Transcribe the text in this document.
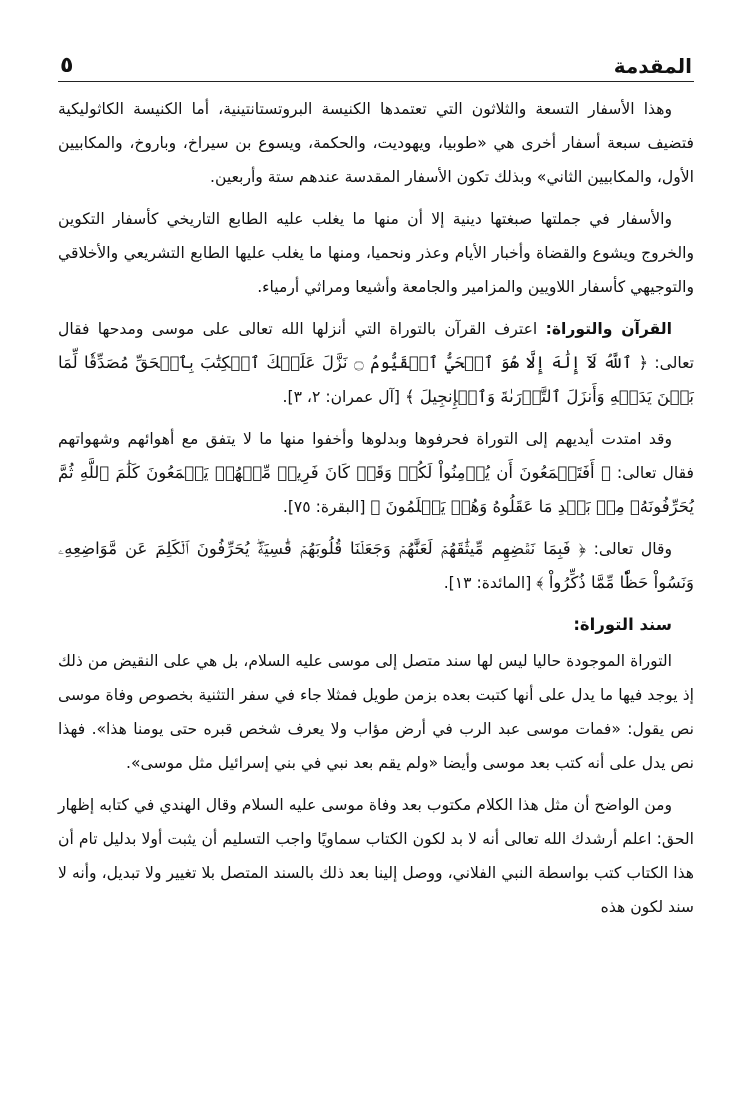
المقدمة
٥

وهذا الأسفار التسعة والثلاثون التي تعتمدها الكنيسة البروتستانتينية، أما الكنيسة الكاثوليكية فتضيف سبعة أسفار أخرى هي «طوبيا، ويهوديت، والحكمة، ويسوع بن سيراخ، وباروخ، والمكابيين الأول، والمكابيين الثاني» وبذلك تكون الأسفار المقدسة عندهم ستة وأربعين.

والأسفار في جملتها صبغتها دينية إلا أن منها ما يغلب عليه الطابع التاريخي كأسفار التكوين والخروج ويشوع والقضاة وأخبار الأيام وعذر ونحميا، ومنها ما يغلب عليها الطابع التشريعي والأخلاقي والتوجيهي كأسفار اللاويين والمزامير والجامعة وأشيعا ومراثي أرمياء.

القرآن والتوراة: اعترف القرآن بالتوراة التي أنزلها الله تعالى على موسى ومدحها فقال تعالى: ﴿ ٱللَّهُ لَآ إِلَٰهَ إِلَّا هُوَ ٱلۡحَيُّ ٱلۡقَيُّومُ ۝ نَزَّلَ عَلَيۡكَ ٱلۡكِتَٰبَ بِٱلۡحَقِّ مُصَدِّقٗا لِّمَا بَيۡنَ يَدَيۡهِ وَأَنزَلَ ٱلتَّوۡرَىٰةَ وَٱلۡإِنجِيلَ ﴾ [آل عمران: ٢، ٣].

وقد امتدت أيديهم إلى التوراة فحرفوها وبدلوها وأخفوا منها ما لا يتفق مع أهوائهم وشهواتهم فقال تعالى: ﴿ أَفَتَطۡمَعُونَ أَن يُؤۡمِنُواْ لَكُمۡ وَقَدۡ كَانَ فَرِيقٞ مِّنۡهُمۡ يَسۡمَعُونَ كَلَٰمَ ٱللَّهِ ثُمَّ يُحَرِّفُونَهُۥ مِنۢ بَعۡدِ مَا عَقَلُوهُ وَهُمۡ يَعۡلَمُونَ ﴾ [البقرة: ٧٥].

وقال تعالى: ﴿ فَبِمَا نَقۡضِهِم مِّيثَٰقَهُمۡ لَعَنَّٰهُمۡ وَجَعَلۡنَا قُلُوبَهُمۡ قَٰسِيَةٗۖ يُحَرِّفُونَ ٱلۡكَلِمَ عَن مَّوَاضِعِهِۦ وَنَسُواْ حَظّٗا مِّمَّا ذُكِّرُواْ ﴾ [المائدة: ١٣].

سند التوراة:

التوراة الموجودة حاليا ليس لها سند متصل إلى موسى عليه السلام، بل هي على النقيض من ذلك إذ يوجد فيها ما يدل على أنها كتبت بعده بزمن طويل فمثلا جاء في سفر التثنية بخصوص وفاة موسى نص يقول: «فمات موسى عبد الرب في أرض مؤاب ولا يعرف شخص قبره حتى يومنا هذا». فهذا نص يدل على أنه كتب بعد موسى وأيضا «ولم يقم بعد نبي في بني إسرائيل مثل موسى».

ومن الواضح أن مثل هذا الكلام مكتوب بعد وفاة موسى عليه السلام وقال الهندي في كتابه إظهار الحق: اعلم أرشدك الله تعالى أنه لا بد لكون الكتاب سماويًا واجب التسليم أن يثبت أولا بدليل تام أن هذا الكتاب كتب بواسطة النبي الفلاني، ووصل إلينا بعد ذلك بالسند المتصل بلا تغيير ولا تبديل، وأنه لا سند لكون هذه
